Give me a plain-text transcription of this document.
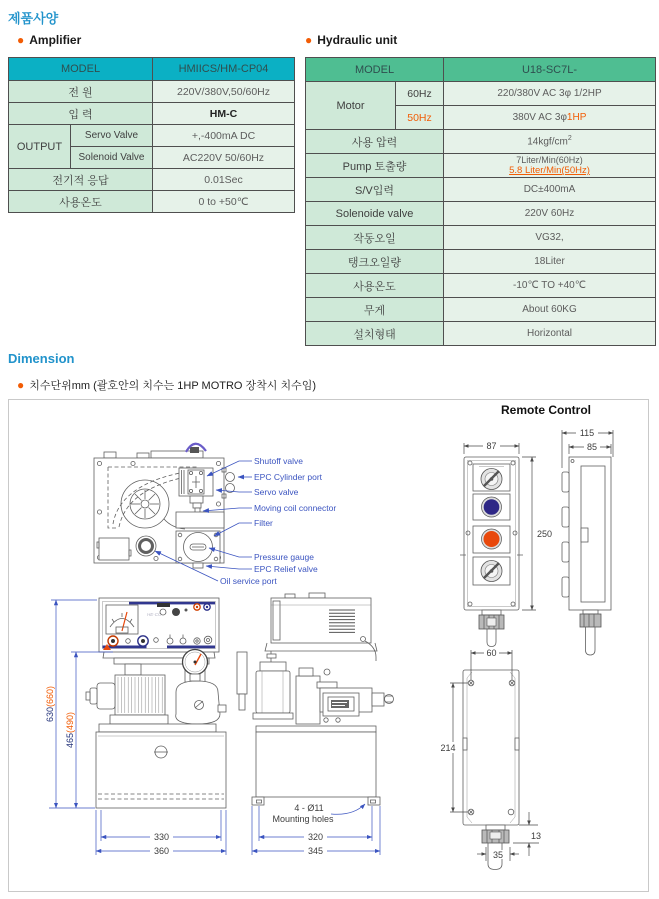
제품사양
● Amplifier	● Hydraulic unit
MODEL		HMIICS/HM-CP04
전 원		220V/380V,50/60Hz
입 력		HM-C
OUTPUT	Servo Valve	+,-400mA DC
	Solenoid Valve	AC220V 50/60Hz
전기적 응답		0.01Sec
사용온도		0 to +50℃
MODEL		U18-SC7L-
Motor	60Hz	220/380V AC 3φ 1/2HP
	50Hz	380V AC 3φ1HP
사용 압력		$14kgf/cm^2$
Pump 토출량		7Liter/Min(60Hz)
5.8 Liter/Min(50Hz)

S/V입력		DC±400mA
Solenoide valve		220V 60Hz
작동오일		VG32,
탱크오일량		18Liter
사용온도		-10℃ TO +40℃
무게		About 60KG
설치형태		Horizontal
Dimension
● 치수단위mm (괄호안의 치수는 1HP MOTRO 장착시 치수임)
Shutoff valve
EPC Cylinder port
Servo valve
Moving coil connector
Filter
Pressure gauge
EPC Relief valve
Oil service port
Remote Control
87
250
115
85
HE-CO
630(660)
465(490)
330
360
4 - Ø11
Mounting holes
320
345
60
214
13
35
